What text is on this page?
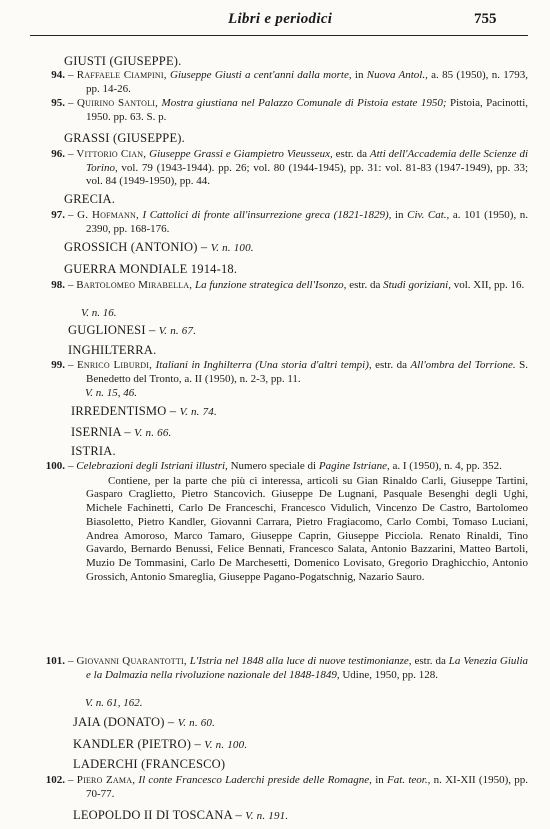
Libri e periodici	755
GIUSTI (GIUSEPPE).
94. – Raffaele Ciampini, Giuseppe Giusti a cent'anni dalla morte, in Nuova Antol., a. 85 (1950), n. 1793, pp. 14-26.
95. – Quirino Santoli, Mostra giustiana nel Palazzo Comunale di Pistoia estate 1950; Pistoia, Pacinotti, 1950. pp. 63. S. p.
GRASSI (GIUSEPPE).
96. – Vittorio Cian, Giuseppe Grassi e Giampietro Vieusseux, estr. da Atti dell'Accademia delle Scienze di Torino, vol. 79 (1943-1944). pp. 26; vol. 80 (1944-1945), pp. 31: vol. 81-83 (1947-1949), pp. 33; vol. 84 (1949-1950), pp. 44.
GRECIA.
97. – G. Hofmann, I Cattolici di fronte all'insurrezione greca (1821-1829), in Civ. Cat., a. 101 (1950), n. 2390, pp. 168-176.
GROSSICH (ANTONIO) – V. n. 100.
GUERRA MONDIALE 1914-18.
98. – Bartolomeo Mirabella, La funzione strategica dell'Isonzo, estr. da Studi goriziani, vol. XII, pp. 16.
V. n. 16.
GUGLIONESI – V. n. 67.
INGHILTERRA.
99. – Enrico Liburdi, Italiani in Inghilterra (Una storia d'altri tempi), estr. da All'ombra del Torrione. S. Benedetto del Tronto, a. II (1950), n. 2-3, pp. 11.
V. n. 15, 46.
IRREDENTISMO – V. n. 74.
ISERNIA – V. n. 66.
ISTRIA.
100. – Celebrazioni degli Istriani illustri, Numero speciale di Pagine Istriane, a. I (1950), n. 4, pp. 352.
Contiene, per la parte che più ci interessa, articoli su Gian Rinaldo Carli, Giuseppe Tartini, Gasparo Craglietto, Pietro Stancovich. Giuseppe De Lugnani, Pasquale Besenghi degli Ughi, Michele Fachinetti, Carlo De Franceschi, Francesco Vidulich, Vincenzo De Castro, Bartolomeo Biasoletto, Pietro Kandler, Giovanni Carrara, Pietro Fragiacomo, Carlo Combi, Tomaso Luciani, Andrea Amoroso, Marco Tamaro, Giuseppe Caprin, Giuseppe Picciola. Renato Rinaldi, Tino Gavardo, Bernardo Benussi, Felice Bennati, Francesco Salata, Antonio Bazzarini, Matteo Bartoli, Muzio De Tommasini, Carlo De Marchesetti, Domenico Lovisato, Gregorio Draghicchio, Antonio Grossich, Antonio Smareglia, Giuseppe Pagano-Pogatschnig, Nazario Sauro.
101. – Giovanni Quarantotti, L'Istria nel 1848 alla luce di nuove testimonianze, estr. da La Venezia Giulia e la Dalmazia nella rivoluzione nazionale del 1848-1849, Udine, 1950, pp. 128.
V. n. 61, 162.
JAIA (DONATO) – V. n. 60.
KANDLER (PIETRO) – V. n. 100.
LADERCHI (FRANCESCO)
102. – Piero Zama, Il conte Francesco Laderchi preside delle Romagne, in Fat. teor., n. XI-XII (1950), pp. 70-77.
LEOPOLDO II DI TOSCANA – V. n. 191.
